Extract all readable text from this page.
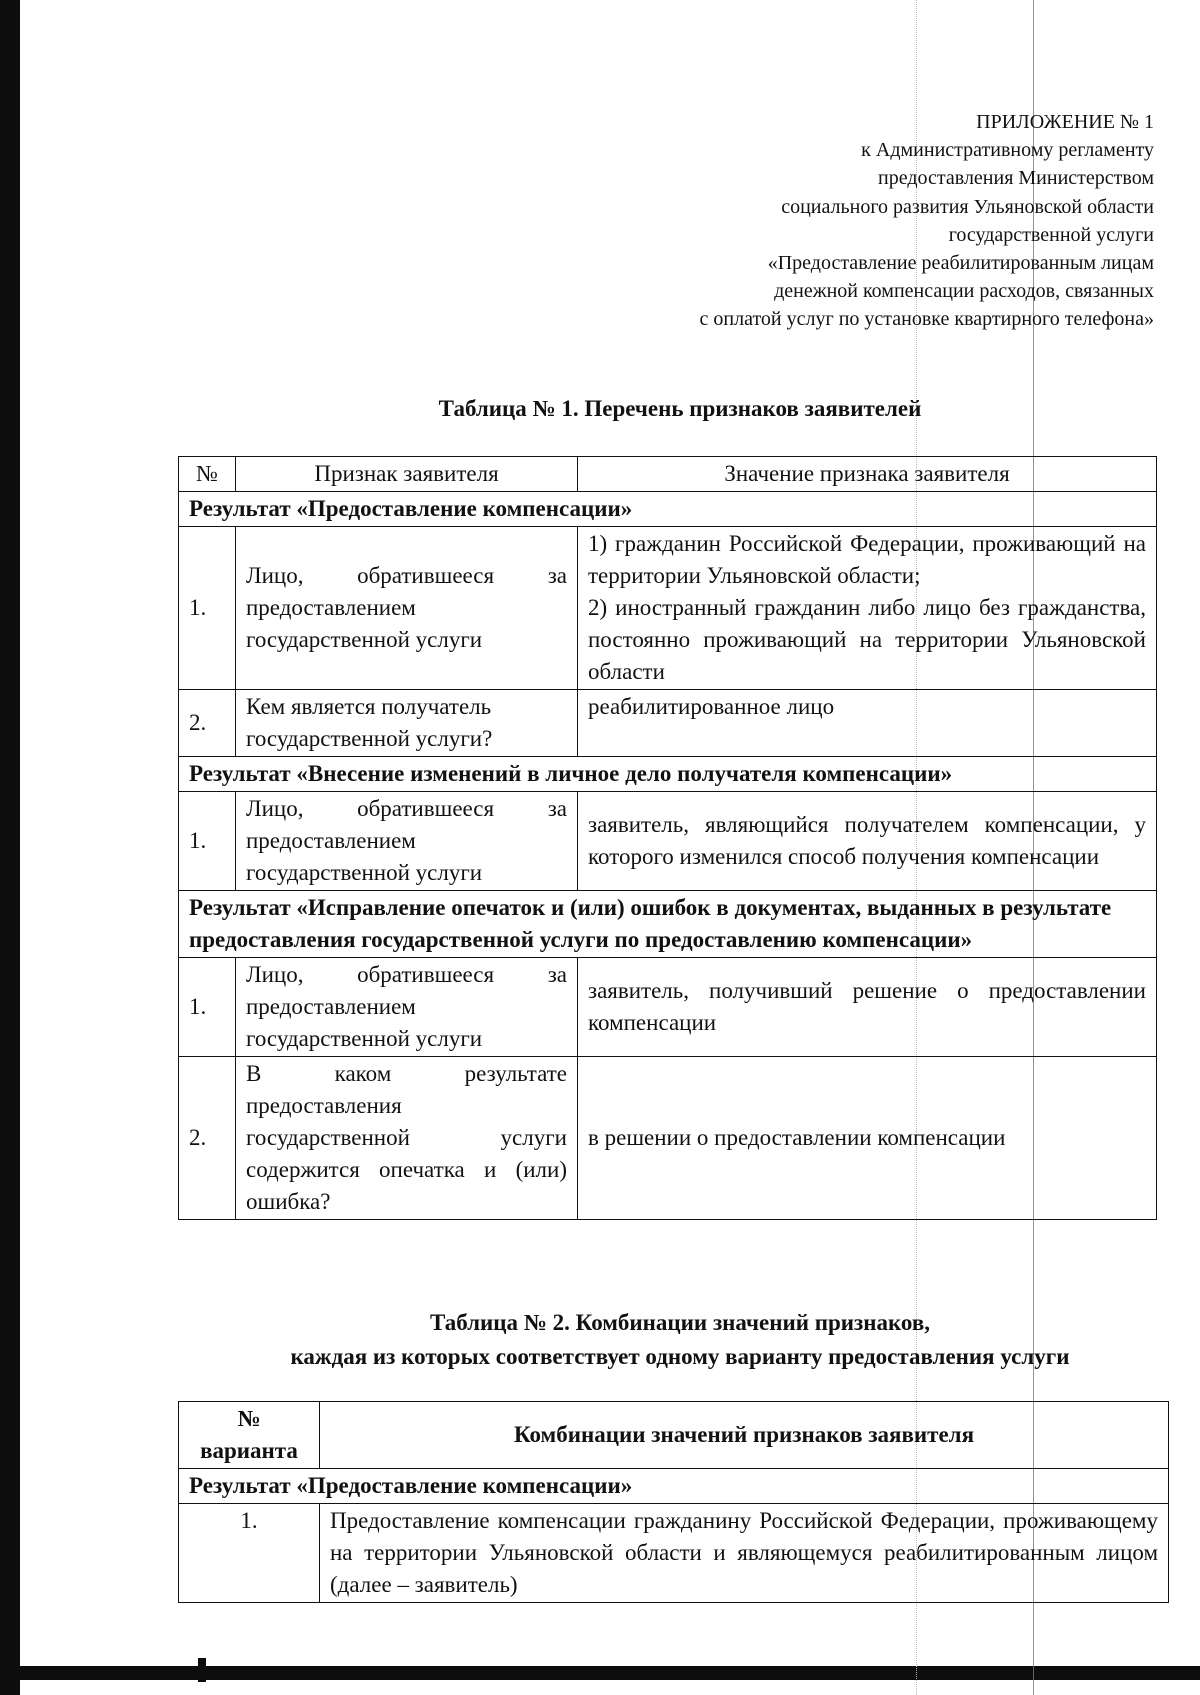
ПРИЛОЖЕНИЕ № 1
к Административному регламенту
предоставления Министерством
социального развития Ульяновской области
государственной услуги
«Предоставление реабилитированным лицам
денежной компенсации расходов, связанных
с оплатой услуг по установке квартирного телефона»
Таблица № 1. Перечень признаков заявителей
№	Признак заявителя	Значение признака заявителя
Результат «Предоставление компенсации»		
1.	Лицо, обратившееся за предоставлением государственной услуги	1) гражданин Российской Федерации, проживающий на территории Ульяновской области;
2) иностранный гражданин либо лицо без гражданства, постоянно проживающий на территории Ульяновской области

2.	Кем является получатель государственной услуги?	реабилитированное лицо
Результат «Внесение изменений в личное дело получателя компенсации»		
1.	Лицо, обратившееся за предоставлением государственной услуги	заявитель, являющийся получателем компенсации, у которого изменился способ получения компенсации
Результат «Исправление опечаток и (или) ошибок в документах, выданных в результате предоставления государственной услуги по предоставлению компенсации»		
1.	Лицо, обратившееся за предоставлением государственной услуги	заявитель, получивший решение о предоставлении компенсации
2.	В каком результате предоставления государственной услуги содержится опечатка и (или) ошибка?	в решении о предоставлении компенсации
Таблица № 2. Комбинации значений признаков,
каждая из которых соответствует одному варианту предоставления услуги
№ варианта	Комбинации значений признаков заявителя
Результат «Предоставление компенсации»	
1.	Предоставление компенсации гражданину Российской Федерации, проживающему на территории Ульяновской области и являющемуся реабилитированным лицом (далее – заявитель)
